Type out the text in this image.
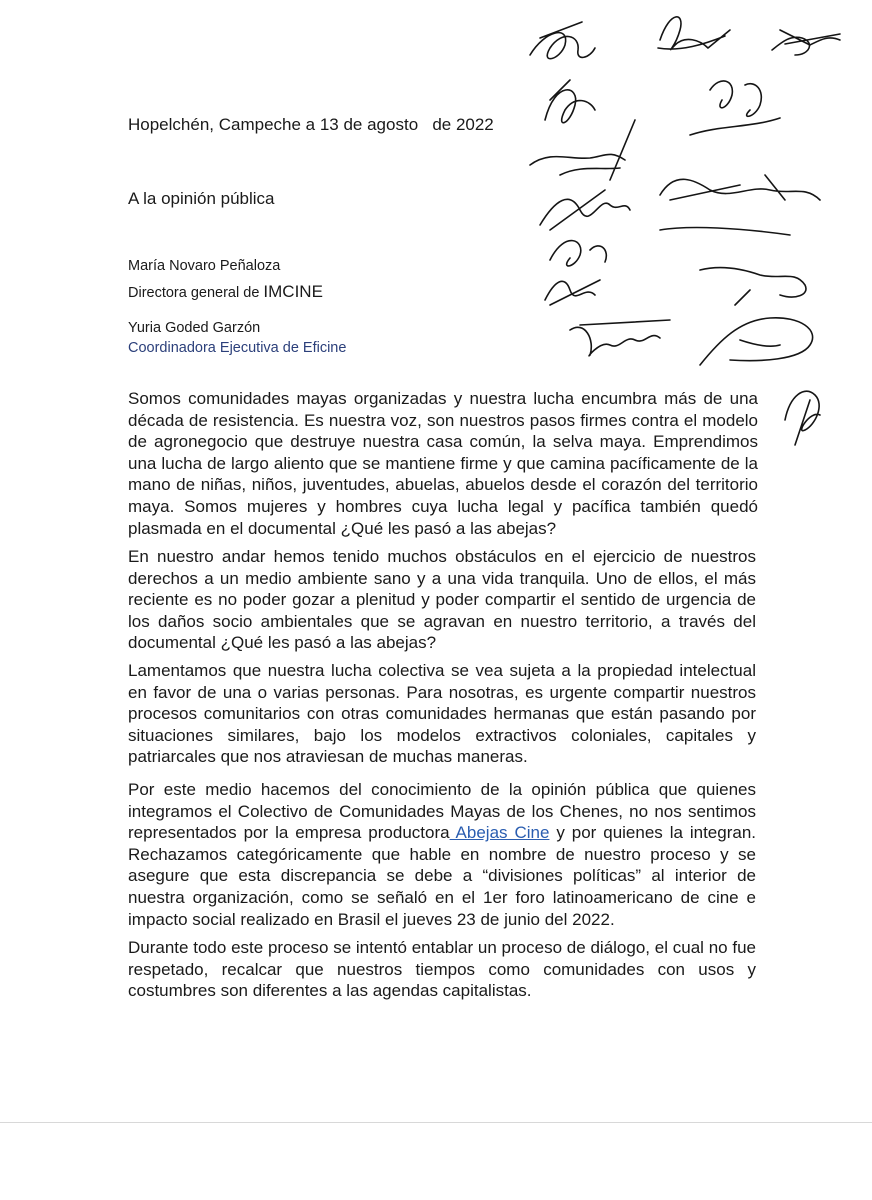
Hopelchén, Campeche a 13 de agosto   de 2022
A la opinión pública
María Novaro Peñaloza
Directora general de IMCINE
Yuria Goded Garzón
Coordinadora Ejecutiva de Eficine

Somos comunidades mayas organizadas y nuestra lucha encumbra más de una década de resistencia. Es nuestra voz, son nuestros pasos firmes contra el modelo de agronegocio que destruye nuestra casa común, la selva maya. Emprendimos una lucha de largo aliento que se mantiene firme y que camina pacíficamente de la mano de niñas, niños, juventudes, abuelas, abuelos desde el corazón del territorio maya. Somos mujeres y hombres cuya lucha legal y pacífica también quedó plasmada en el documental ¿Qué les pasó a las abejas?

En nuestro andar hemos tenido muchos obstáculos en el ejercicio de nuestros derechos a un medio ambiente sano y a una vida tranquila. Uno de ellos, el más reciente es no poder gozar a plenitud y poder compartir el sentido de urgencia de los daños socio ambientales que se agravan en nuestro territorio, a través del documental ¿Qué les pasó a las abejas?

Lamentamos que nuestra lucha colectiva se vea sujeta a la propiedad intelectual en favor de una o varias personas. Para nosotras, es urgente compartir nuestros procesos comunitarios con otras comunidades hermanas que están pasando por situaciones similares, bajo los modelos extractivos coloniales, capitales y patriarcales que nos atraviesan de muchas maneras.

Por este medio hacemos del conocimiento de la opinión pública que quienes integramos el Colectivo de Comunidades Mayas de los Chenes, no nos sentimos representados por la empresa productora Abejas Cine y por quienes la integran. Rechazamos categóricamente que hable en nombre de nuestro proceso y se asegure que esta discrepancia se debe a “divisiones políticas” al interior de nuestra organización, como se señaló en el 1er foro latinoamericano de cine e impacto social realizado en Brasil el jueves 23 de junio del 2022.

Durante todo este proceso se intentó entablar un proceso de diálogo, el cual no fue respetado, recalcar que nuestros tiempos como comunidades con usos y costumbres son diferentes a las agendas capitalistas.
